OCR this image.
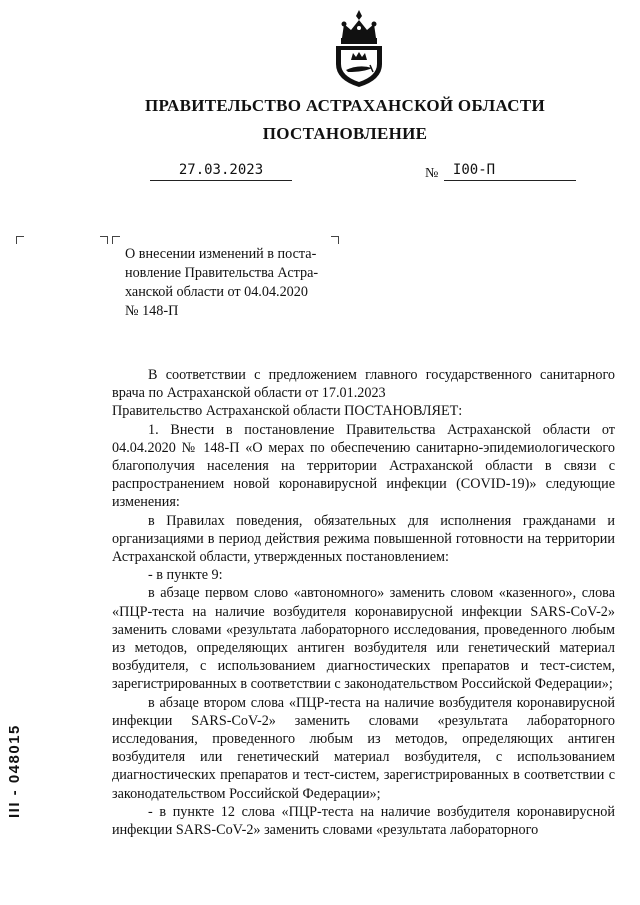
ПРАВИТЕЛЬСТВО АСТРАХАНСКОЙ ОБЛАСТИ
ПОСТАНОВЛЕНИЕ
27.03.2023	№	I00-П
О внесении изменений в поста-
новление Правительства Астра-
ханской области от 04.04.2020
№ 148-П

В соответствии с предложением главного государственного санитарного врача по Астраханской области от 17.01.2023

Правительство Астраханской области ПОСТАНОВЛЯЕТ:

1. Внести в постановление Правительства Астраханской области от 04.04.2020 № 148-П «О мерах по обеспечению санитарно-эпидемиологического благополучия населения на территории Астраханской области в связи с распространением новой коронавирусной инфекции (COVID-19)» следующие изменения:

в Правилах поведения, обязательных для исполнения гражданами и организациями в период действия режима повышенной готовности на территории Астраханской области, утвержденных постановлением:

- в пункте 9:

в абзаце первом слово «автономного» заменить словом «казенного», слова «ПЦР-теста на наличие возбудителя коронавирусной инфекции SARS-CoV-2» заменить словами «результата лабораторного исследования, проведенного любым из методов, определяющих антиген возбудителя или генетический материал возбудителя, с использованием диагностических препаратов и тест-систем, зарегистрированных в соответствии с законодательством Российской Федерации»;

в абзаце втором слова «ПЦР-теста на наличие возбудителя коронавирусной инфекции SARS-CoV-2» заменить словами «результата лабораторного исследования, проведенного любым из методов, определяющих антиген возбудителя или генетический материал возбудителя, с использованием диагностических препаратов и тест-систем, зарегистрированных в соответствии с законодательством Российской Федерации»;

- в пункте 12 слова «ПЦР-теста на наличие возбудителя коронавирусной инфекции SARS-CoV-2» заменить словами «результата лабораторного

III - 048015
